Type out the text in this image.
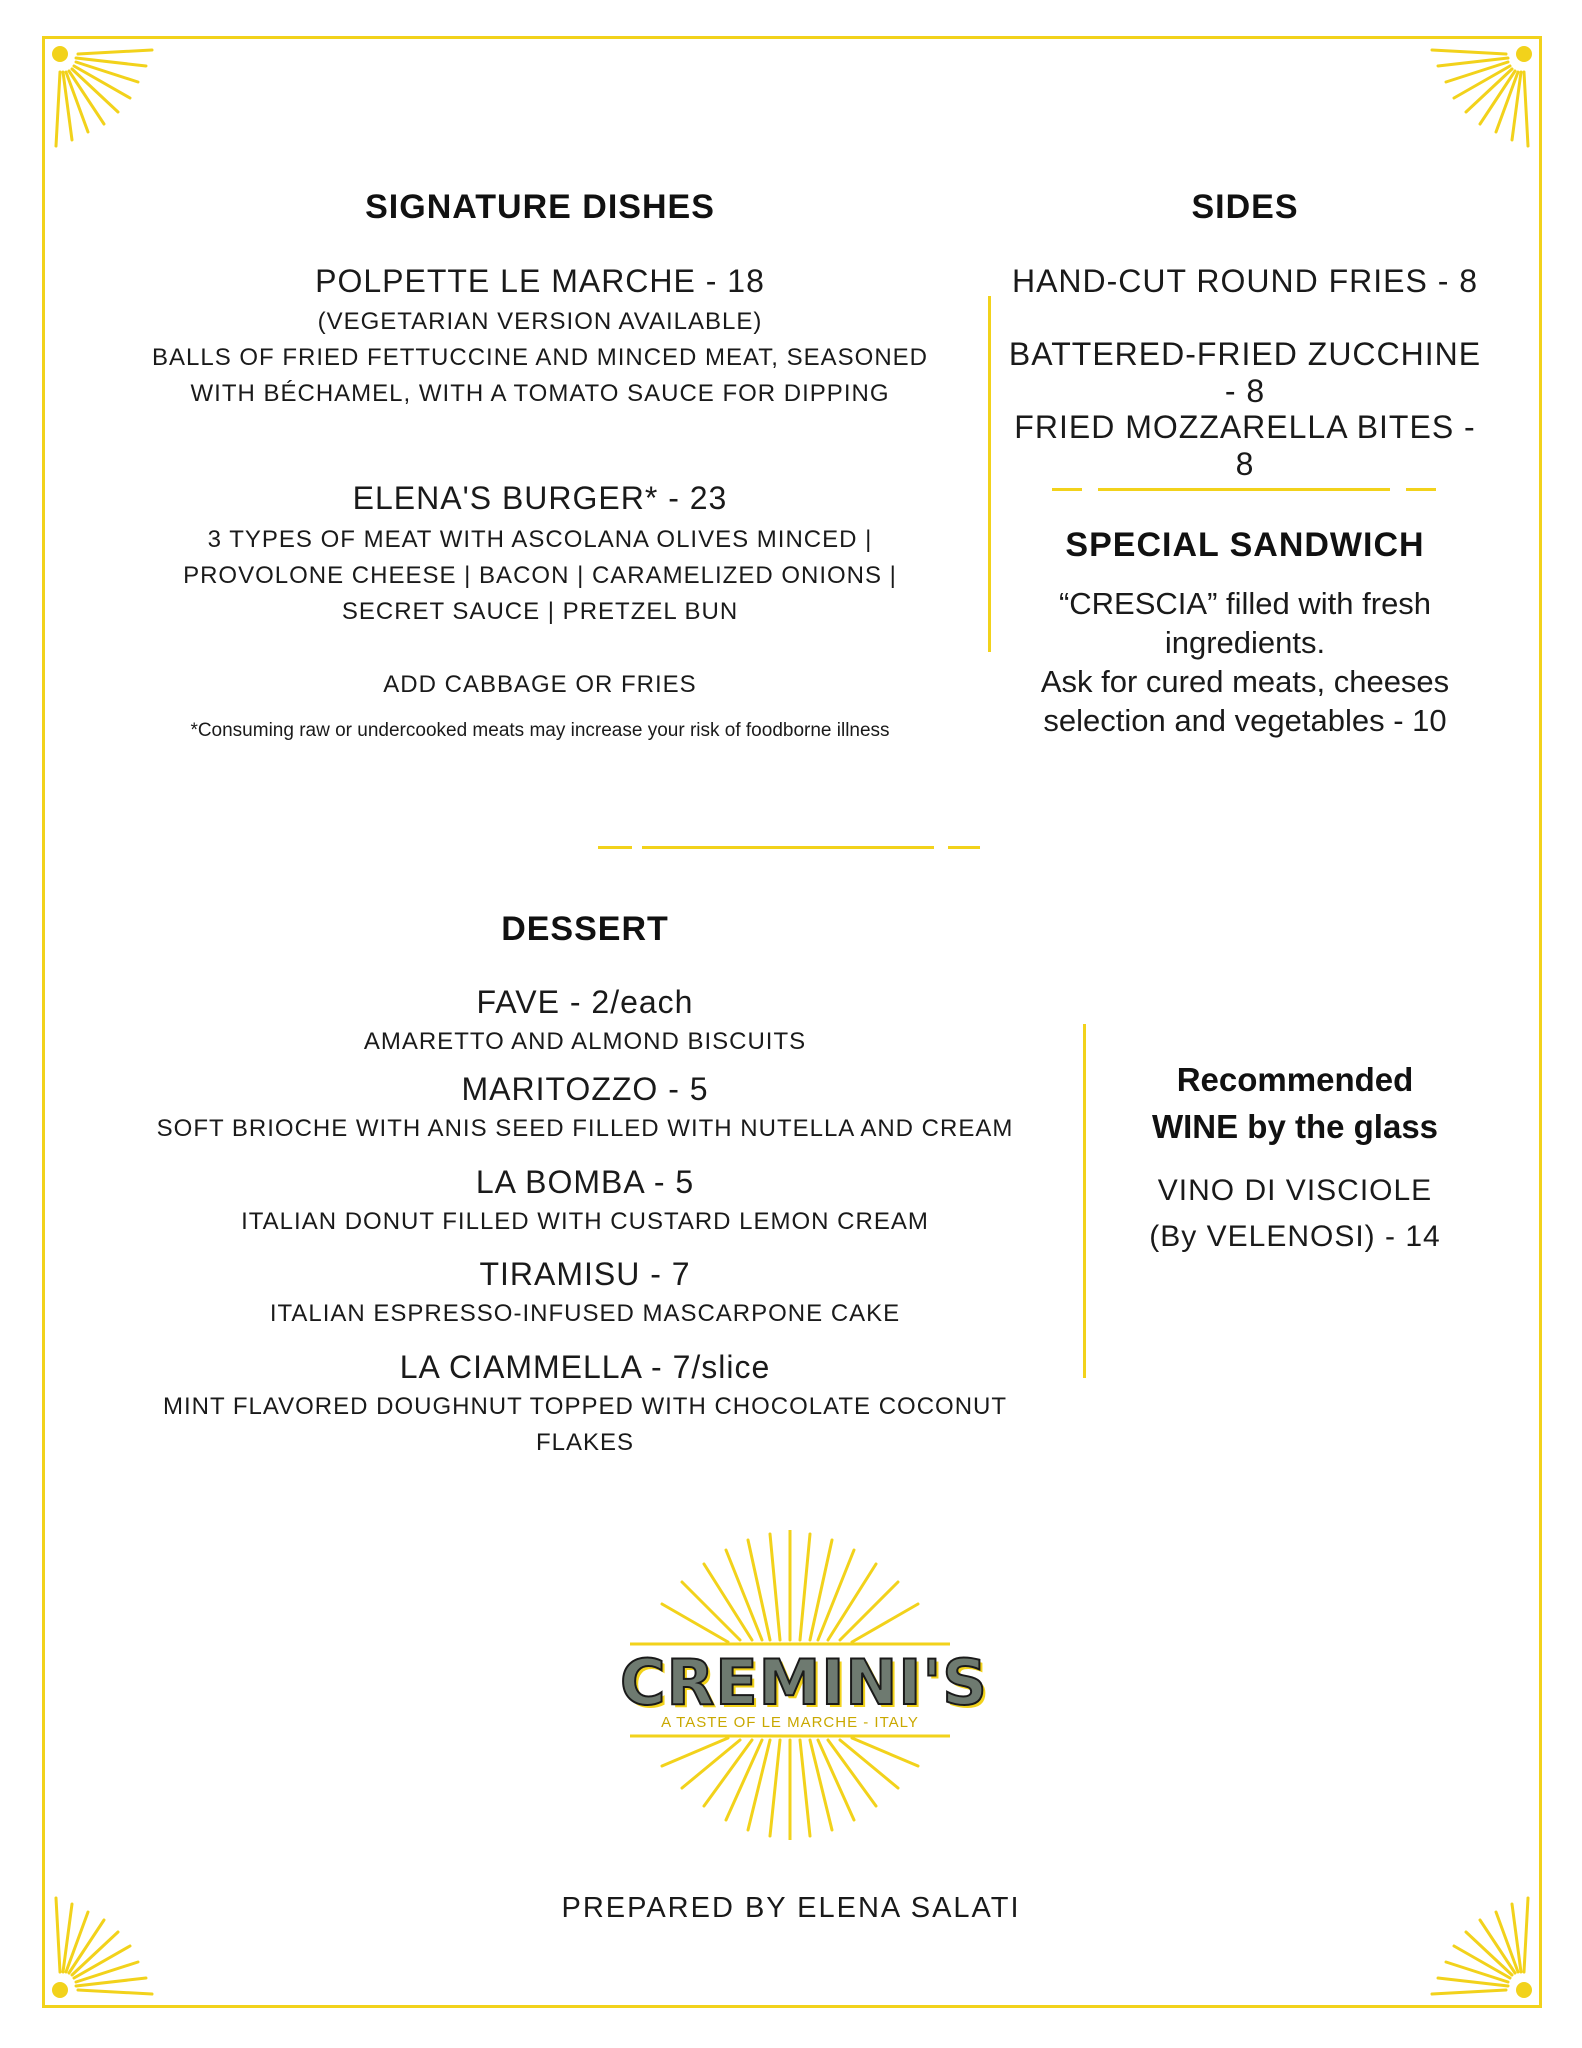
SIGNATURE DISHES
POLPETTE LE MARCHE - 18
(VEGETARIAN VERSION AVAILABLE)
BALLS OF FRIED FETTUCCINE AND MINCED MEAT, SEASONED
WITH BÉCHAMEL, WITH A TOMATO SAUCE FOR DIPPING
ELENA'S BURGER* - 23
3 TYPES OF MEAT WITH ASCOLANA OLIVES MINCED |
PROVOLONE CHEESE | BACON | CARAMELIZED ONIONS |
SECRET SAUCE | PRETZEL BUN
ADD CABBAGE OR FRIES
*Consuming raw or undercooked meats may increase your risk of foodborne illness
SIDES
HAND-CUT ROUND FRIES - 8
BATTERED-FRIED ZUCCHINE - 8
FRIED MOZZARELLA BITES - 8
SPECIAL SANDWICH
“CRESCIA” filled with fresh
ingredients.
Ask for cured meats, cheeses
selection and vegetables - 10
DESSERT
FAVE - 2/each
AMARETTO AND ALMOND BISCUITS
MARITOZZO - 5
SOFT BRIOCHE WITH ANIS SEED FILLED WITH NUTELLA AND CREAM
LA BOMBA - 5
ITALIAN DONUT FILLED WITH CUSTARD LEMON CREAM
TIRAMISU - 7
ITALIAN ESPRESSO-INFUSED MASCARPONE CAKE
LA CIAMMELLA - 7/slice
MINT FLAVORED DOUGHNUT TOPPED WITH CHOCOLATE COCONUT FLAKES
Recommended
WINE by the glass
VINO DI VISCIOLE
(By VELENOSI) - 14
CREMINI'S
A TASTE OF LE MARCHE - ITALY
PREPARED BY ELENA SALATI
